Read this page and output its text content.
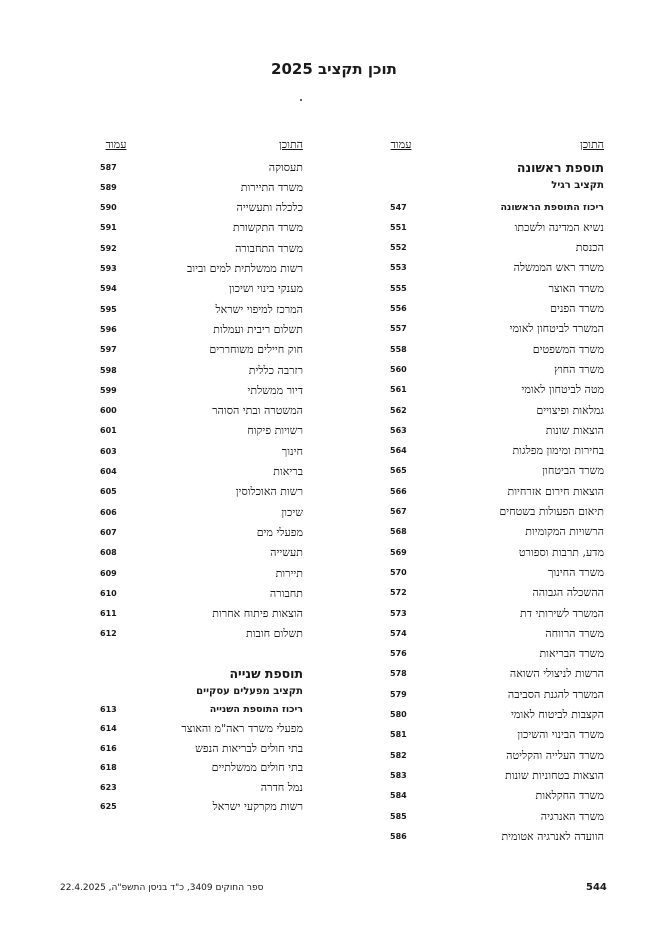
תוכן תקציב 2025
התוכן
עמוד
התוכן
עמוד
תוספת ראשונה
תקציב רגיל
ריכוז התוספת הראשונה
547
נשיא המדינה ולשכתו
551
הכנסת
552
משרד ראש הממשלה
553
משרד האוצר
555
משרד הפנים
556
המשרד לביטחון לאומי
557
משרד המשפטים
558
משרד החוץ
560
מטה לביטחון לאומי
561
גמלאות ופיצויים
562
הוצאות שונות
563
בחירות ומימון מפלגות
564
משרד הביטחון
565
הוצאות חירום אזרחיות
566
תיאום הפעולות בשטחים
567
הרשויות המקומיות
568
מדע, תרבות וספורט
569
משרד החינוך
570
ההשכלה הגבוהה
572
המשרד לשירותי דת
573
משרד הרווחה
574
משרד הבריאות
576
הרשות לניצולי השואה
578
המשרד להגנת הסביבה
579
הקצבות לביטוח לאומי
580
משרד הבינוי והשיכון
581
משרד העלייה והקליטה
582
הוצאות בטחוניות שונות
583
משרד החקלאות
584
משרד האנרגיה
585
הוועדה לאנרגיה אטומית
586
תוספת שנייה
תקציב מפעלים עסקיים
תעסוקה
587
משרד התיירות
589
כלכלה ותעשייה
590
משרד התקשורת
591
משרד התחבורה
592
רשות ממשלתית למים וביוב
593
מענקי בינוי ושיכון
594
המרכז למיפוי ישראל
595
תשלום ריבית ועמלות
596
חוק חיילים משוחררים
597
רזרבה כללית
598
דיור ממשלתי
599
המשטרה ובתי הסוהר
600
רשויות פיקוח
601
חינוך
603
בריאות
604
רשות האוכלוסין
605
שיכון
606
מפעלי מים
607
תעשייה
608
תיירות
609
תחבורה
610
הוצאות פיתוח אחרות
611
תשלום חובות
612
ריכוז התוספת השנייה
613
מפעלי משרד ראה"מ והאוצר
614
בתי חולים לבריאות הנפש
616
בתי חולים ממשלתיים
618
נמל חדרה
623
רשות מקרקעי ישראל
625
ספר החוקים 3409, כ"ד בניסן התשפ"ה, 22.4.2025	544
